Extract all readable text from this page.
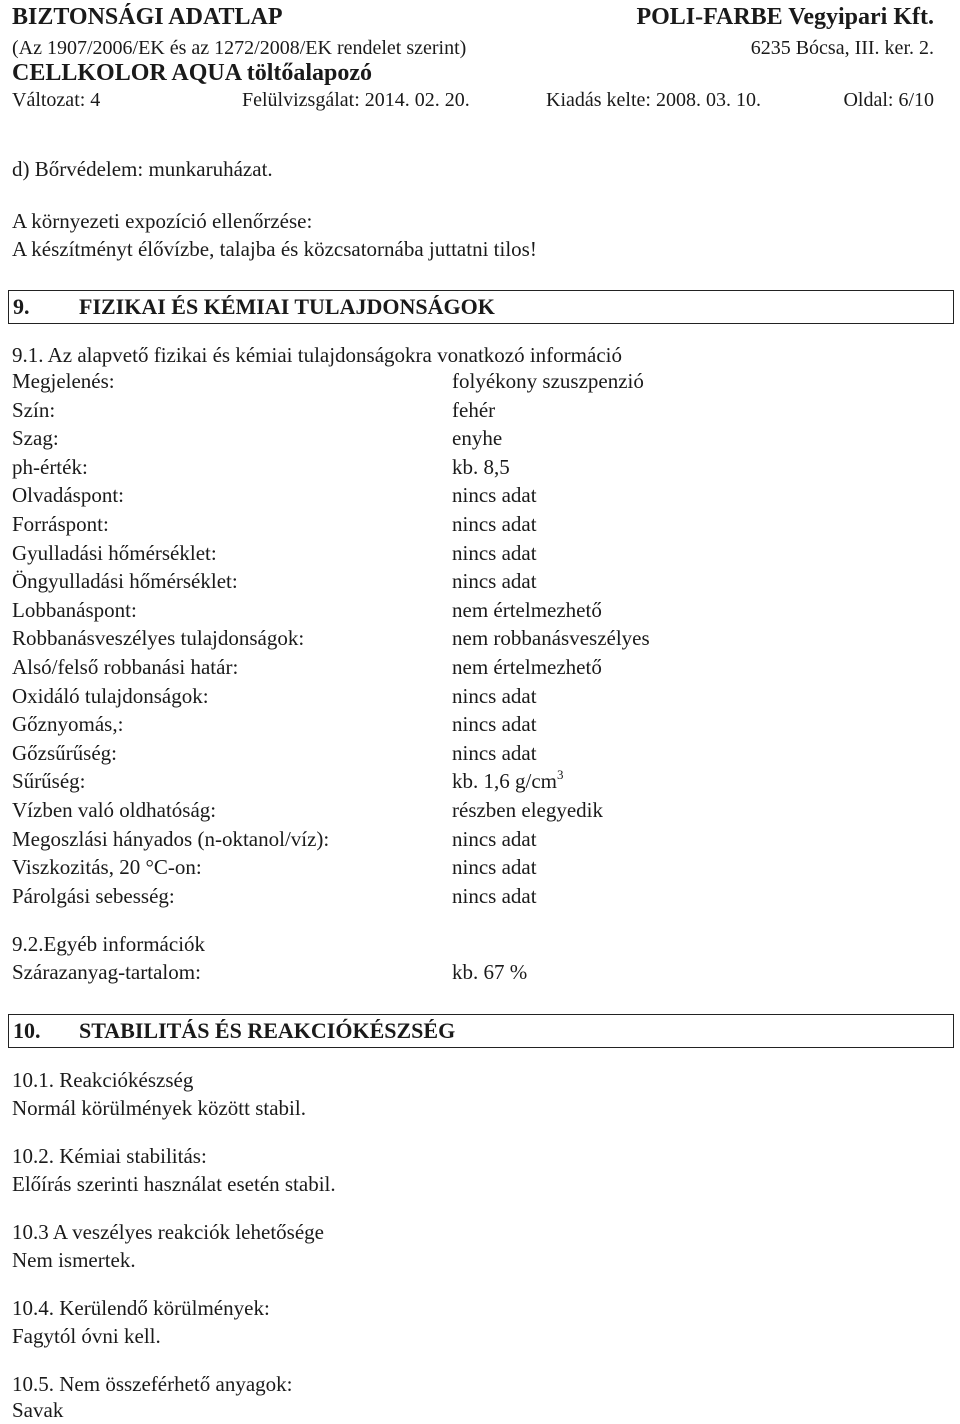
BIZTONSÁGI ADATLAP	POLI-FARBE Vegyipari Kft.
(Az 1907/2006/EK és az 1272/2008/EK rendelet szerint)	6235 Bócsa, III. ker. 2.
CELLKOLOR AQUA töltőalapozó
Változat: 4	Felülvizsgálat: 2014. 02. 20.	Kiadás kelte: 2008. 03. 10.	Oldal: 6/10
d) Bőrvédelem: munkaruházat.
A környezeti expozíció ellenőrzése:
A készítményt élővízbe, talajba és közcsatornába juttatni tilos!
9. FIZIKAI ÉS KÉMIAI TULAJDONSÁGOK
9.1. Az alapvető fizikai és kémiai tulajdonságokra vonatkozó információ
Megjelenés:	folyékony szuszpenzió
Szín:	fehér
Szag:	enyhe
ph-érték:	kb. 8,5
Olvadáspont:	nincs adat
Forráspont:	nincs adat
Gyulladási hőmérséklet:	nincs adat
Öngyulladási hőmérséklet:	nincs adat
Lobbanáspont:	nem értelmezhető
Robbanásveszélyes tulajdonságok:	nem robbanásveszélyes
Alsó/felső robbanási határ:	nem értelmezhető
Oxidáló tulajdonságok:	nincs adat
Gőznyomás,:	nincs adat
Gőzsűrűség:	nincs adat
Sűrűség:	kb. 1,6 $g/cm^3$
Vízben való oldhatóság:	részben elegyedik
Megoszlási hányados (n-oktanol/víz):	nincs adat
Viszkozitás, 20 °C-on:	nincs adat
Párolgási sebesség:	nincs adat
9.2.Egyéb információk
Szárazanyag-tartalom:	kb. 67 %
10. STABILITÁS ÉS REAKCIÓKÉSZSÉG
10.1. Reakciókészség
Normál körülmények között stabil.
10.2. Kémiai stabilitás:
Előírás szerinti használat esetén stabil.
10.3 A veszélyes reakciók lehetősége
Nem ismertek.
10.4. Kerülendő körülmények:
Fagytól óvni kell.
10.5. Nem összeférhető anyagok:
Savak
